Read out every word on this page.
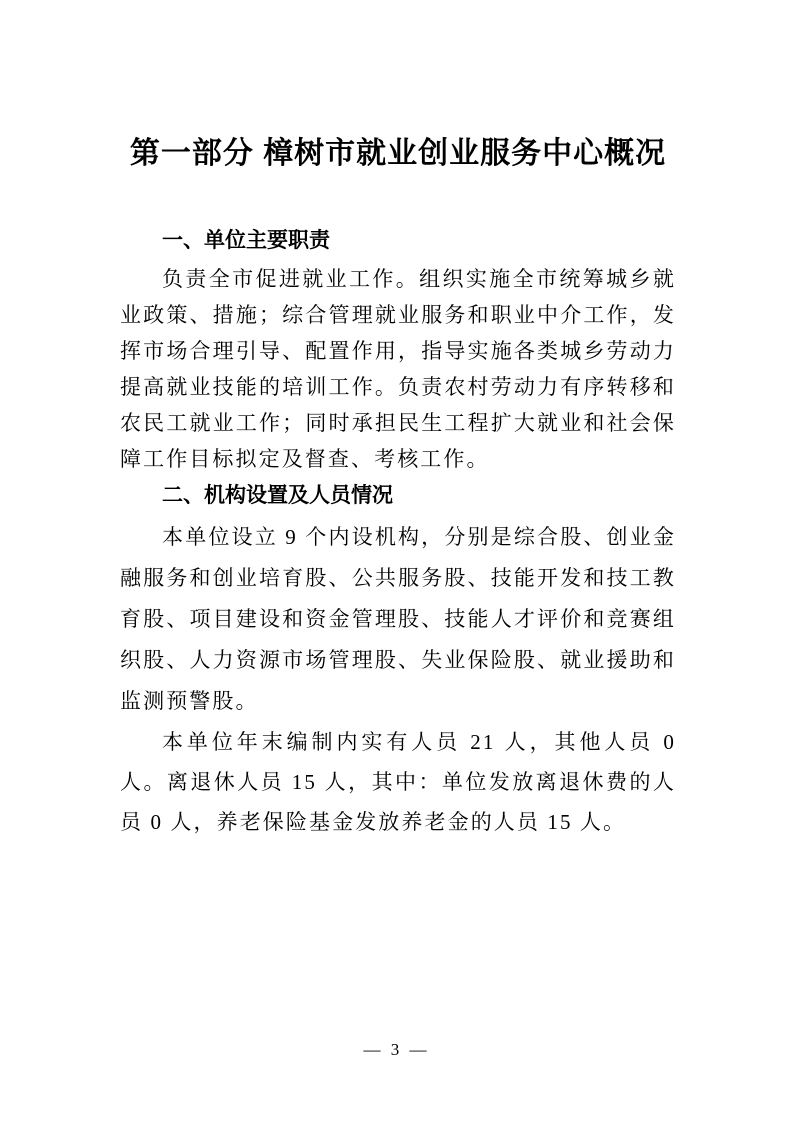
第一部分 樟树市就业创业服务中心概况
一、单位主要职责

负责全市促进就业工作。组织实施全市统筹城乡就业政策、措施；综合管理就业服务和职业中介工作，发挥市场合理引导、配置作用，指导实施各类城乡劳动力提高就业技能的培训工作。负责农村劳动力有序转移和农民工就业工作；同时承担民生工程扩大就业和社会保障工作目标拟定及督查、考核工作。

二、机构设置及人员情况

本单位设立 9 个内设机构，分别是综合股、创业金融服务和创业培育股、公共服务股、技能开发和技工教育股、项目建设和资金管理股、技能人才评价和竞赛组织股、人力资源市场管理股、失业保险股、就业援助和监测预警股。

本单位年末编制内实有人员 21 人，其他人员 0 人。离退休人员 15 人，其中：单位发放离退休费的人员 0 人，养老保险基金发放养老金的人员 15 人。

— 3 —
